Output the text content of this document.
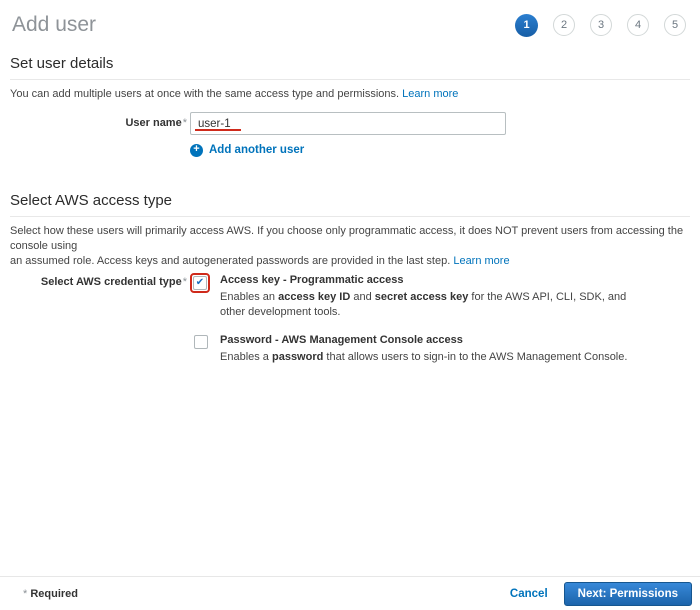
Add user	1	2	3	4	5
Set user details

You can add multiple users at once with the same access type and permissions. Learn more

User name*
user-1
+ Add another user
Select AWS access type

Select how these users will primarily access AWS. If you choose only programmatic access, it does NOT prevent users from accessing the console using
an assumed role. Access keys and autogenerated passwords are provided in the last step. Learn more

Select AWS credential type* ✔ Access key - Programmatic access
Enables an access key ID and secret access key for the AWS API, CLI, SDK, and
other development tools.
Password - AWS Management Console access
Enables a password that allows users to sign-in to the AWS Management Console.
* Required	Cancel	Next: Permissions
